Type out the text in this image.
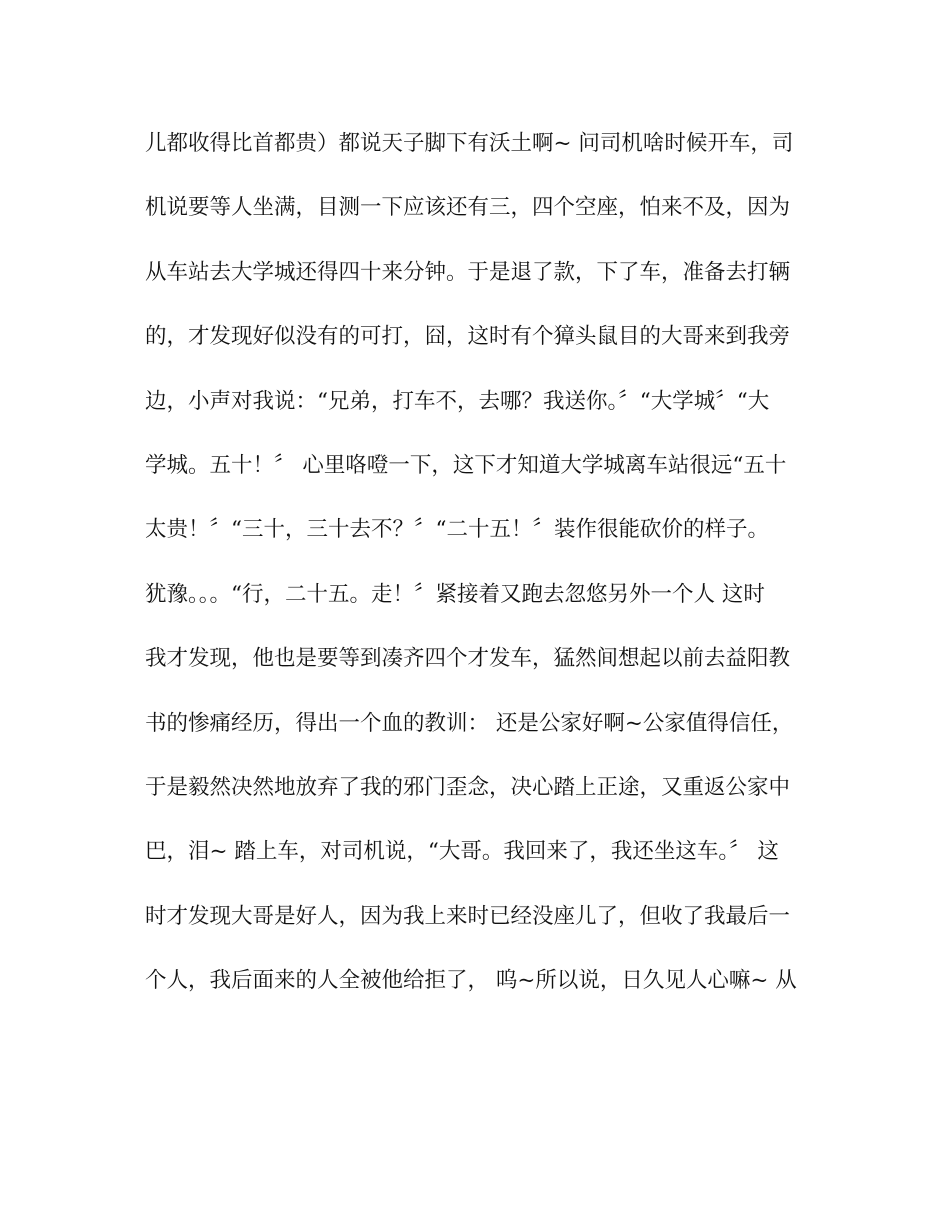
儿都收得比首都贵）都说天子脚下有沃土啊~ 问司机啥时候开车，司
机说要等人坐满，目测一下应该还有三，四个空座，怕来不及，因为
从车站去大学城还得四十来分钟。于是退了款，下了车，准备去打辆
的，才发现好似没有的可打，囧，这时有个獐头鼠目的大哥来到我旁
边，小声对我说：“兄弟，打车不，去哪？我送你。〞“大学城〞“大
学城。五十！〞 心里咯噔一下，这下才知道大学城离车站很远“五十
太贵！〞“三十，三十去不？〞“二十五！〞装作很能砍价的样子。
犹豫。。。“行，二十五。走！〞紧接着又跑去忽悠另外一个人 这时
我才发现，他也是要等到凑齐四个才发车，猛然间想起以前去益阳教
书的惨痛经历，得出一个血的教训： 还是公家好啊~公家值得信任，
于是毅然决然地放弃了我的邪门歪念，决心踏上正途，又重返公家中
巴，泪~ 踏上车，对司机说，“大哥。我回来了，我还坐这车。〞 这
时才发现大哥是好人，因为我上来时已经没座儿了，但收了我最后一
个人，我后面来的人全被他给拒了， 呜~所以说，日久见人心嘛~ 从
